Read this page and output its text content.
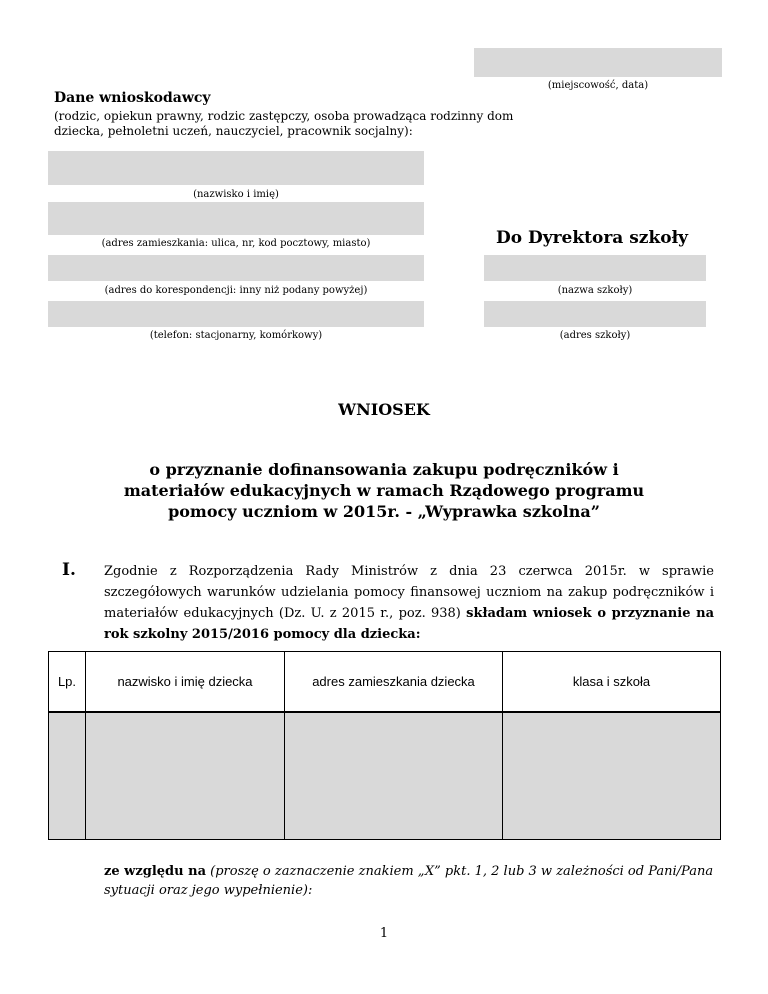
(miejscowość, data)
Dane wnioskodawcy
(rodzic, opiekun prawny, rodzic zastępczy, osoba prowadząca rodzinny dom dziecka, pełnoletni uczeń, nauczyciel, pracownik socjalny):
(nazwisko i imię)
(adres zamieszkania: ulica, nr, kod pocztowy, miasto)
(adres do korespondencji: inny niż podany powyżej)
(telefon: stacjonarny, komórkowy)
Do Dyrektora szkoły
(nazwa szkoły)
(adres szkoły)
WNIOSEK
o przyznanie dofinansowania zakupu podręczników i materiałów edukacyjnych w ramach Rządowego programu pomocy uczniom w 2015r. - „Wyprawka szkolna”
I. Zgodnie z Rozporządzenia Rady Ministrów z dnia 23 czerwca 2015r. w sprawie szczegółowych warunków udzielania pomocy finansowej uczniom na zakup podręczników i materiałów edukacyjnych (Dz. U. z 2015 r., poz. 938) składam wniosek o przyznanie na rok szkolny 2015/2016 pomocy dla dziecka:
Lp.	nazwisko i imię dziecka	adres zamieszkania dziecka	klasa i szkoła

ze względu na (proszę o zaznaczenie znakiem „X” pkt. 1, 2 lub 3 w zależności od Pani/Pana sytuacji oraz jego wypełnienie):
1
